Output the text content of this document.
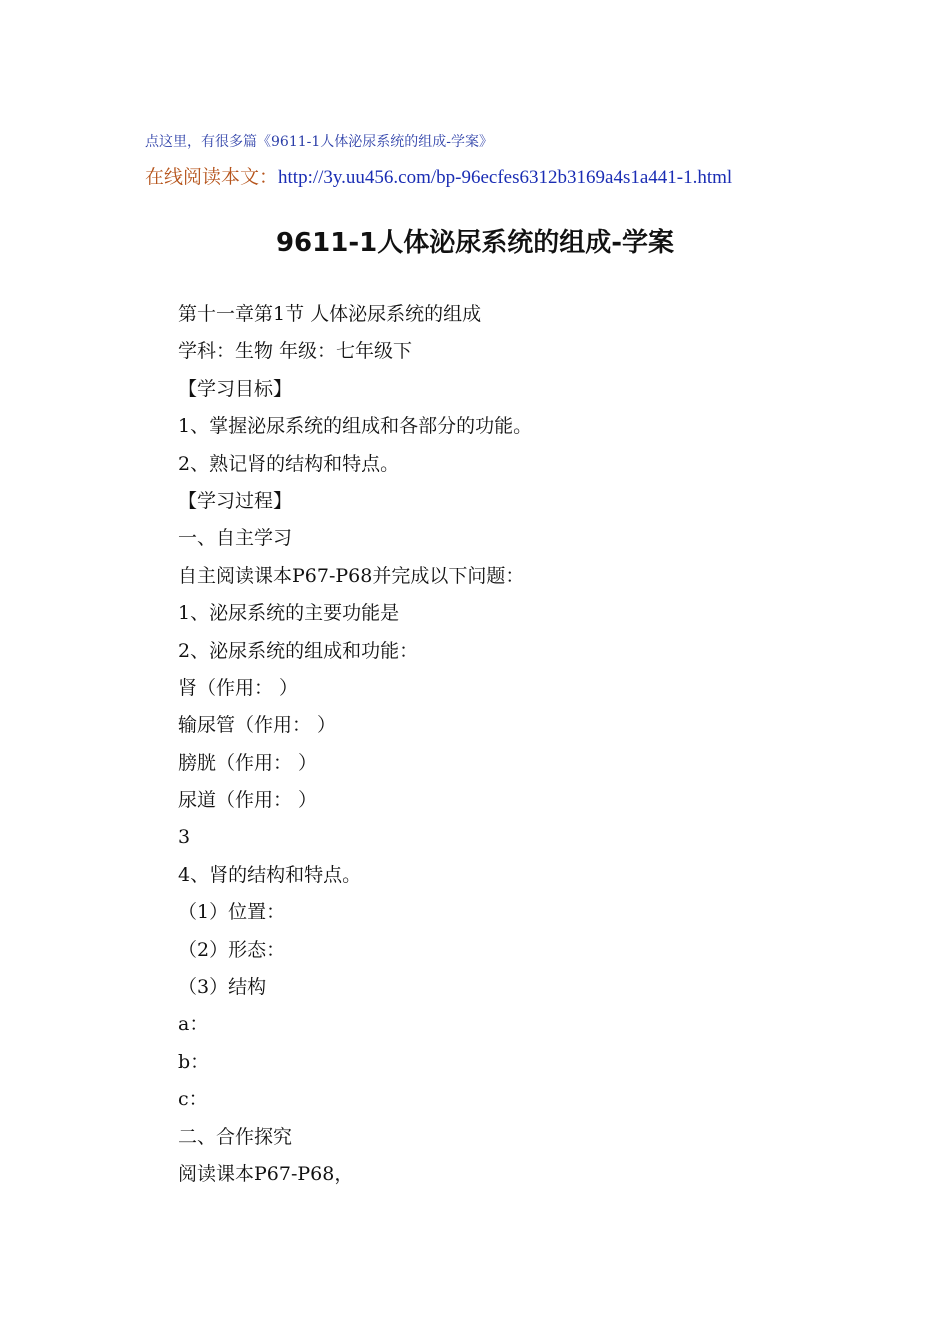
点这里，有很多篇《9611-1人体泌尿系统的组成-学案》
在线阅读本文：http://3y.uu456.com/bp-96ecfes6312b3169a4s1a441-1.html
9611-1人体泌尿系统的组成-学案
第十一章第1节 人体泌尿系统的组成
学科：生物 年级：七年级下
【学习目标】
1、掌握泌尿系统的组成和各部分的功能。
2、熟记肾的结构和特点。
【学习过程】
一、自主学习
自主阅读课本P67-P68并完成以下问题：
1、泌尿系统的主要功能是
2、泌尿系统的组成和功能：
肾（作用： ）
输尿管（作用： ）
膀胱（作用： ）
尿道（作用： ）
3
4、肾的结构和特点。
（1）位置：
（2）形态：
（3）结构
a：
b：
c：
二、合作探究
阅读课本P67-P68，
